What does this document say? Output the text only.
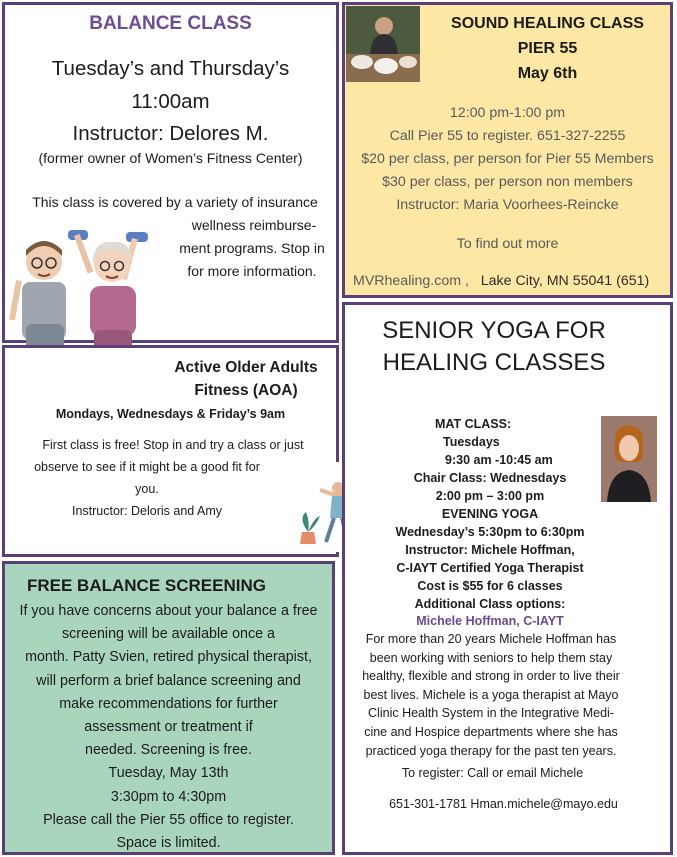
BALANCE CLASS
Tuesday’s and Thursday’s
11:00am
Instructor: Delores M.
(former owner of Women’s Fitness Center)
This class is covered by a variety of insurance
wellness reimburse-
ment programs. Stop in
for more information.
SOUND HEALING CLASS
PIER 55
May 6th
12:00 pm-1:00 pm
Call Pier 55 to register. 651-327-2255
$20 per class, per person for Pier 55 Members
$30 per class, per person non members
Instructor: Maria Voorhees-Reincke
To find out more
MVRhealing.com , Lake City, MN 55041 (651)
Active Older Adults
Fitness (AOA)
Mondays, Wednesdays & Friday’s 9am
First class is free! Stop in and try a class or just
observe to see if it might be a good fit for
you.
Instructor: Deloris and Amy
FREE BALANCE SCREENING
If you have concerns about your balance a free
screening will be available once a
month. Patty Svien, retired physical therapist,
will perform a brief balance screening and
make recommendations for further
assessment or treatment if
needed. Screening is free.
Tuesday, May 13th
3:30pm to 4:30pm
Please call the Pier 55 office to register.
Space is limited.
SENIOR YOGA FOR
HEALING CLASSES
MAT CLASS:
Tuesdays
9:30 am -10:45 am
Chair Class: Wednesdays
2:00 pm – 3:00 pm
EVENING YOGA
Wednesday’s 5:30pm to 6:30pm
Instructor: Michele Hoffman,
C-IAYT Certified Yoga Therapist
Cost is $55 for 6 classes
Additional Class options:
Michele Hoffman, C-IAYT
For more than 20 years Michele Hoffman has
been working with seniors to help them stay
healthy, flexible and strong in order to live their
best lives. Michele is a yoga therapist at Mayo
Clinic Health System in the Integrative Medi-
cine and Hospice departments where she has
practiced yoga therapy for the past ten years.
To register: Call or email Michele
651-301-1781 Hman.michele@mayo.edu
